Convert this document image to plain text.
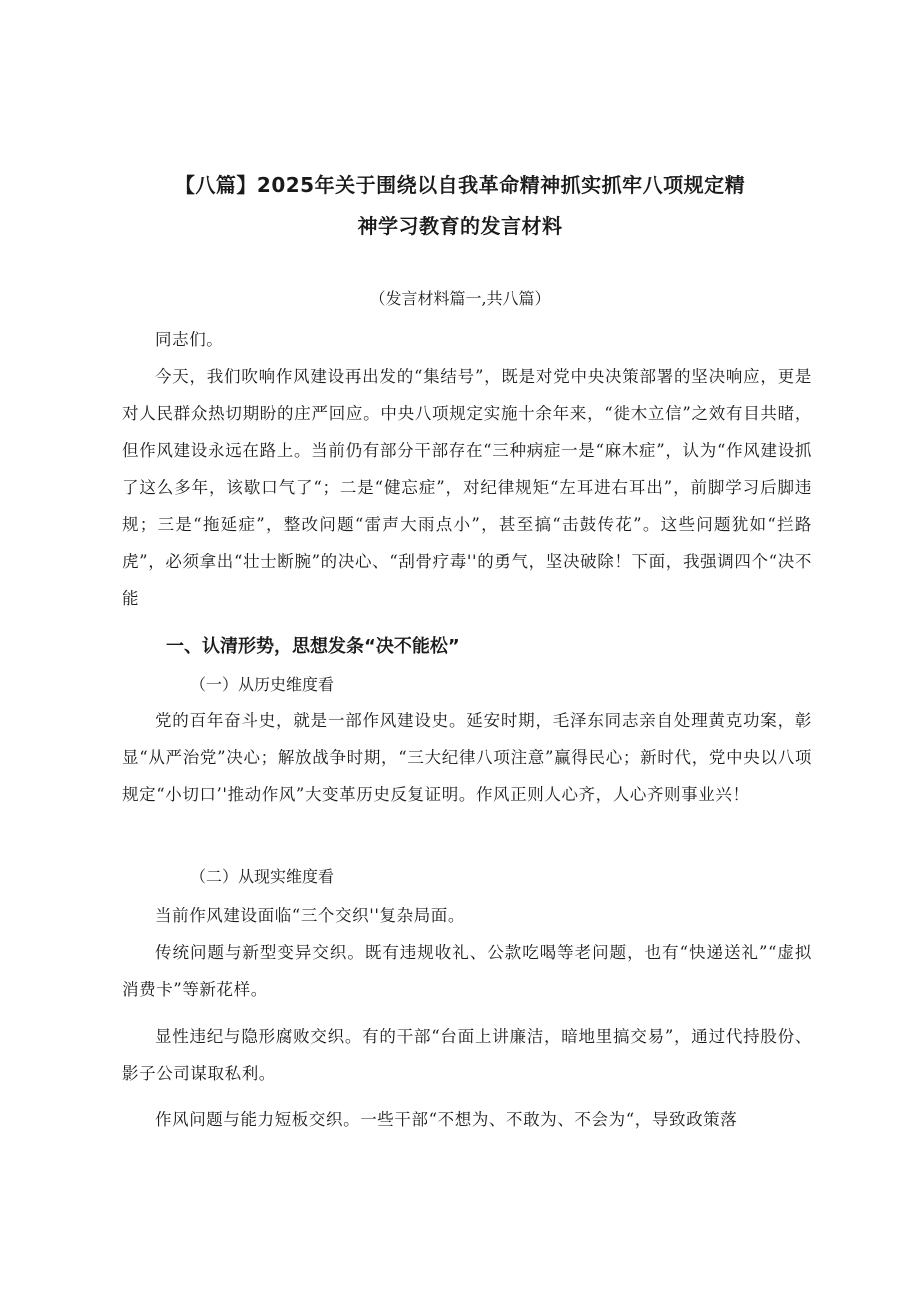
【八篇】2025年关于围绕以自我革命精神抓实抓牢八项规定精
神学习教育的发言材料
（发言材料篇一,共八篇）
同志们。
今天，我们吹响作风建设再出发的“集结号”，既是对党中央决策部署的坚决响应，更是对人民群众热切期盼的庄严回应。中央八项规定实施十余年来，“徙木立信”之效有目共睹，但作风建设永远在路上。当前仍有部分干部存在“三种病症一是“麻木症”，认为“作风建设抓了这么多年，该歇口气了“；二是“健忘症”，对纪律规矩“左耳进右耳出”，前脚学习后脚违规；三是“拖延症”，整改问题“雷声大雨点小”，甚至搞“击鼓传花”。这些问题犹如“拦路虎”，必须拿出“壮士断腕”的决心、“刮骨疗毒''的勇气，坚决破除！下面，我强调四个“决不能
一、认清形势，思想发条“决不能松”
（一）从历史维度看
党的百年奋斗史，就是一部作风建设史。延安时期，毛泽东同志亲自处理黄克功案，彰显“从严治党”决心；解放战争时期，“三大纪律八项注意”赢得民心；新时代，党中央以八项规定“小切口’'推动作风”大变革历史反复证明。作风正则人心齐，人心齐则事业兴！
（二）从现实维度看
当前作风建设面临“三个交织''复杂局面。
传统问题与新型变异交织。既有违规收礼、公款吃喝等老问题，也有“快递送礼”“虚拟消费卡”等新花样。
显性违纪与隐形腐败交织。有的干部“台面上讲廉洁，暗地里搞交易”，通过代持股份、影子公司谋取私利。
作风问题与能力短板交织。一些干部“不想为、不敢为、不会为“，导致政策落
